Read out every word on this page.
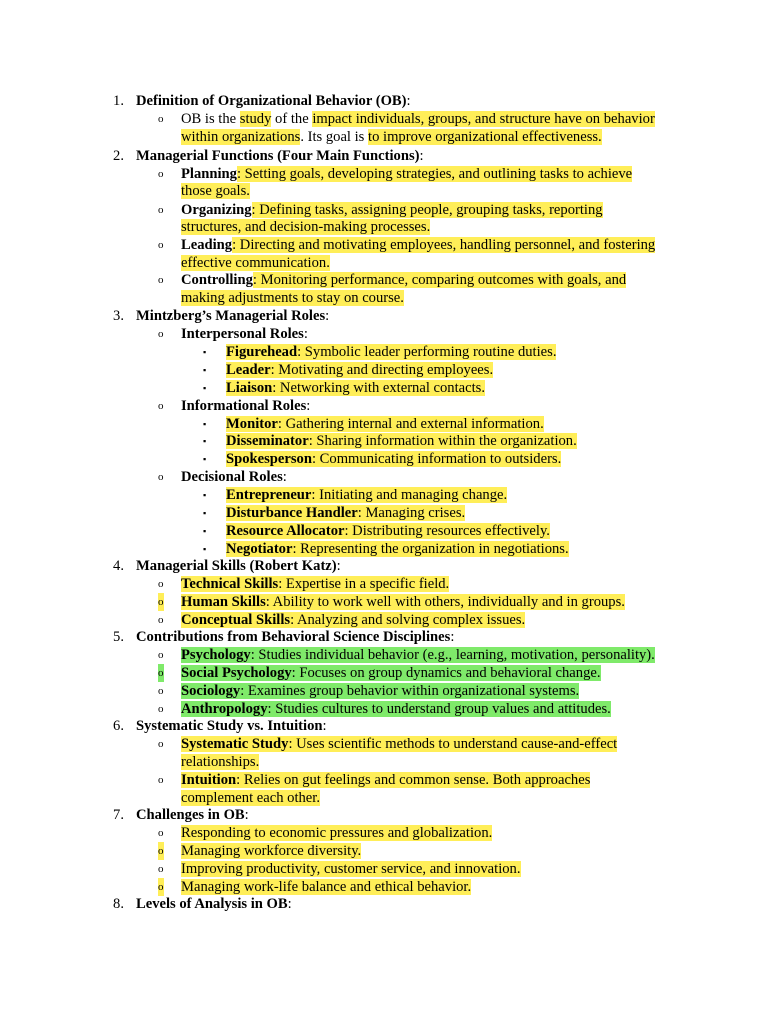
1. Definition of Organizational Behavior (OB):
o OB is the study of the impact individuals, groups, and structure have on behavior
within organizations. Its goal is to improve organizational effectiveness.
2. Managerial Functions (Four Main Functions):
o Planning: Setting goals, developing strategies, and outlining tasks to achieve
those goals.
o Organizing: Defining tasks, assigning people, grouping tasks, reporting
structures, and decision-making processes.
o Leading: Directing and motivating employees, handling personnel, and fostering
effective communication.
o Controlling: Monitoring performance, comparing outcomes with goals, and
making adjustments to stay on course.
3. Mintzberg’s Managerial Roles:
o Interpersonal Roles:
▪ Figurehead: Symbolic leader performing routine duties.
▪ Leader: Motivating and directing employees.
▪ Liaison: Networking with external contacts.
o Informational Roles:
▪ Monitor: Gathering internal and external information.
▪ Disseminator: Sharing information within the organization.
▪ Spokesperson: Communicating information to outsiders.
o Decisional Roles:
▪ Entrepreneur: Initiating and managing change.
▪ Disturbance Handler: Managing crises.
▪ Resource Allocator: Distributing resources effectively.
▪ Negotiator: Representing the organization in negotiations.
4. Managerial Skills (Robert Katz):
o Technical Skills: Expertise in a specific field.
o Human Skills: Ability to work well with others, individually and in groups.
o Conceptual Skills: Analyzing and solving complex issues.
5. Contributions from Behavioral Science Disciplines:
o Psychology: Studies individual behavior (e.g., learning, motivation, personality).
o Social Psychology: Focuses on group dynamics and behavioral change.
o Sociology: Examines group behavior within organizational systems.
o Anthropology: Studies cultures to understand group values and attitudes.
6. Systematic Study vs. Intuition:
o Systematic Study: Uses scientific methods to understand cause-and-effect
relationships.
o Intuition: Relies on gut feelings and common sense. Both approaches
complement each other.
7. Challenges in OB:
o Responding to economic pressures and globalization.
o Managing workforce diversity.
o Improving productivity, customer service, and innovation.
o Managing work-life balance and ethical behavior.
8. Levels of Analysis in OB:
